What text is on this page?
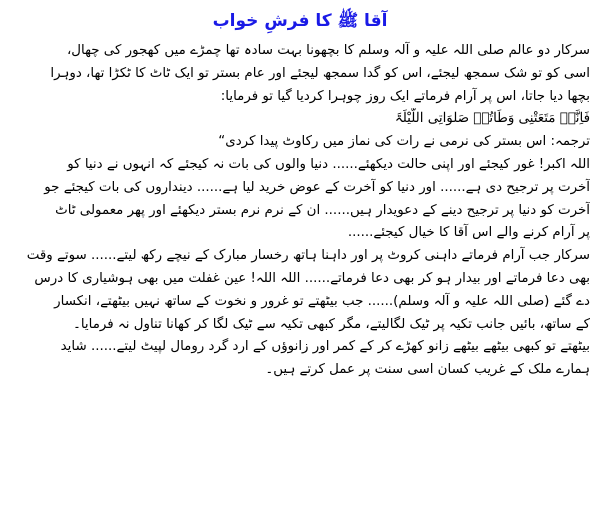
آقا ﷺ کا فرشِ خواب
سرکار دو عالم صلی اللہ علیہ و آلہ وسلم کا بچھونا بہت سادہ تھا چمڑے میں کھجور کی چھال،
اسی کو تو شک سمجھ لیجئے، اس کو گدا سمجھ لیجئے اور عام بستر تو ایک ٹاٹ کا ٹکڑا تھا، دوہرا
بچھا دیا جاتا، اس پر آرام فرماتے ایک روز چوہرا کردیا گیا تو فرمایا:
فَاِنَّہٗ مَتَعَتْنِی وَطَاتُہٗ صَلوَاتِی اللَّیْلَۃَ
ترجمہ: اس بستر کی نرمی نے رات کی نماز میں رکاوٹ پیدا کردی“
اللہ اکبر! غور کیجئے اور اپنی حالت دیکھئے...... دنیا والوں کی بات نہ کیجئے کہ انہوں نے دنیا کو
آخرت پر ترجیح دی ہے...... اور دنیا کو آخرت کے عوض خرید لیا ہے...... دینداروں کی بات کیجئے جو
آخرت کو دنیا پر ترجیح دینے کے دعویدار ہیں...... ان کے نرم نرم بستر دیکھئے اور پھر معمولی ٹاٹ
پر آرام کرنے والے اس آقا کا خیال کیجئے......
سرکار جب آرام فرماتے داہنی کروٹ پر اور داہنا ہاتھ رخسار مبارک کے نیچے رکھ لیتے...... سوتے وقت
بھی دعا فرماتے اور بیدار ہو کر بھی دعا فرماتے...... اللہ اللہ! عین غفلت میں بھی ہوشیاری کا درس
دے گئے (صلی اللہ علیہ و آلہ وسلم)...... جب بیٹھتے تو غرور و نخوت کے ساتھ نہیں بیٹھتے، انکسار
کے ساتھ، بائیں جانب تکیہ پر ٹیک لگالیتے، مگر کبھی تکیہ سے ٹیک لگا کر کھانا تناول نہ فرمایا۔
بیٹھتے تو کبھی بیٹھے بیٹھے زانو کھڑے کر کے کمر اور زانوؤں کے ارد گرد رومال لپیٹ لیتے...... شاید
ہمارے ملک کے غریب کسان اسی سنت پر عمل کرتے ہیں۔
